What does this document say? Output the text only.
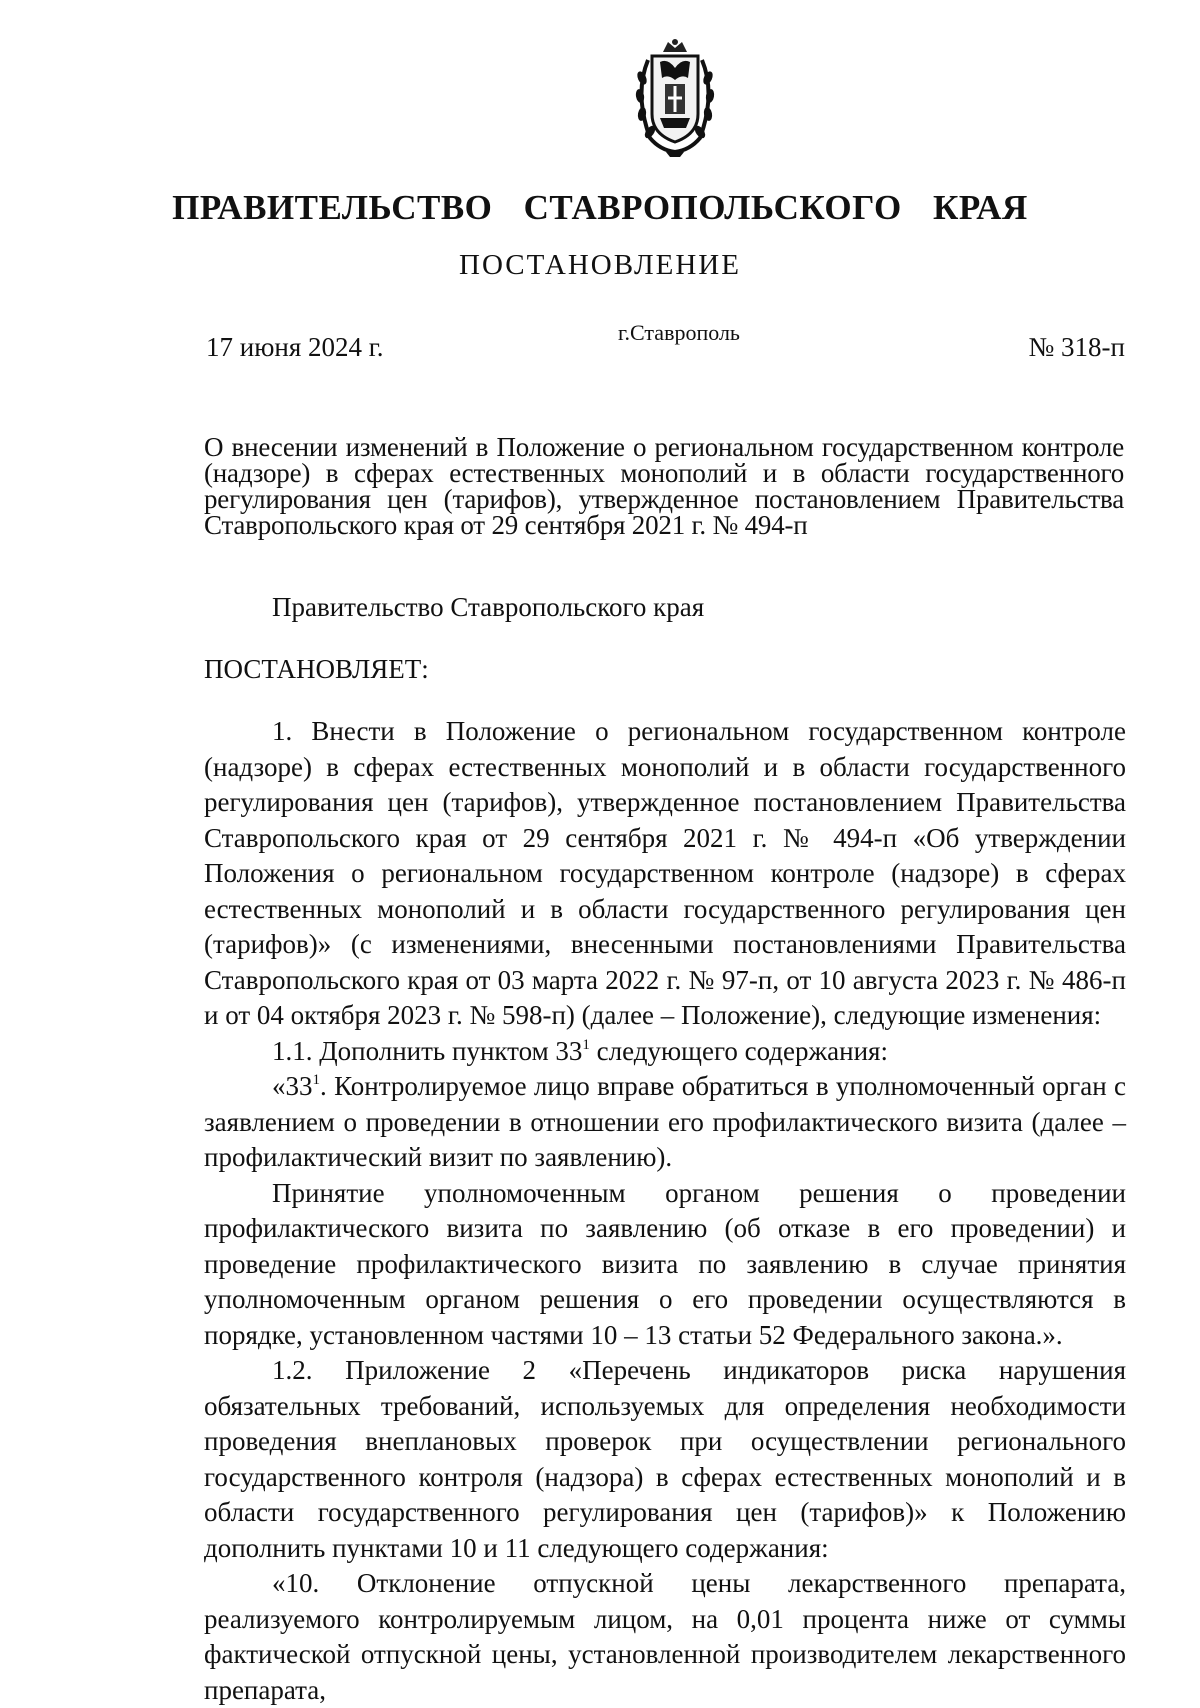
ПРАВИТЕЛЬСТВО СТАВРОПОЛЬСКОГО КРАЯ
ПОСТАНОВЛЕНИЕ
17 июня 2024 г.	г.Ставрополь	№ 318-п
О внесении изменений в Положение о региональном государственном контроле (надзоре) в сферах естественных монополий и в области государственного регулирования цен (тарифов), утвержденное постановлением Правительства Ставропольского края от 29 сентября 2021 г. № 494-п
Правительство Ставропольского края
ПОСТАНОВЛЯЕТ:

1. Внести в Положение о региональном государственном контроле (надзоре) в сферах естественных монополий и в области государственного регулирования цен (тарифов), утвержденное постановлением Правительства Ставропольского края от 29 сентября 2021 г. № 494-п «Об утверждении Положения о региональном государственном контроле (надзоре) в сферах естественных монополий и в области государственного регулирования цен (тарифов)» (с изменениями, внесенными постановлениями Правительства Ставропольского края от 03 марта 2022 г. № 97-п, от 10 августа 2023 г. № 486-п и от 04 октября 2023 г. № 598-п) (далее – Положение), следующие изменения:

1.1. Дополнить пунктом $33^1$ следующего содержания:

«$33^1$. Контролируемое лицо вправе обратиться в уполномоченный орган с заявлением о проведении в отношении его профилактического визита (далее – профилактический визит по заявлению).

Принятие уполномоченным органом решения о проведении профилактического визита по заявлению (об отказе в его проведении) и проведение профилактического визита по заявлению в случае принятия уполномоченным органом решения о его проведении осуществляются в порядке, установленном частями 10 – 13 статьи 52 Федерального закона.».

1.2. Приложение 2 «Перечень индикаторов риска нарушения обязательных требований, используемых для определения необходимости проведения внеплановых проверок при осуществлении регионального государственного контроля (надзора) в сферах естественных монополий и в области государственного регулирования цен (тарифов)» к Положению дополнить пунктами 10 и 11 следующего содержания:

«10. Отклонение отпускной цены лекарственного препарата, реализуемого контролируемым лицом, на 0,01 процента ниже от суммы фактической отпускной цены, установленной производителем лекарственного препарата,
